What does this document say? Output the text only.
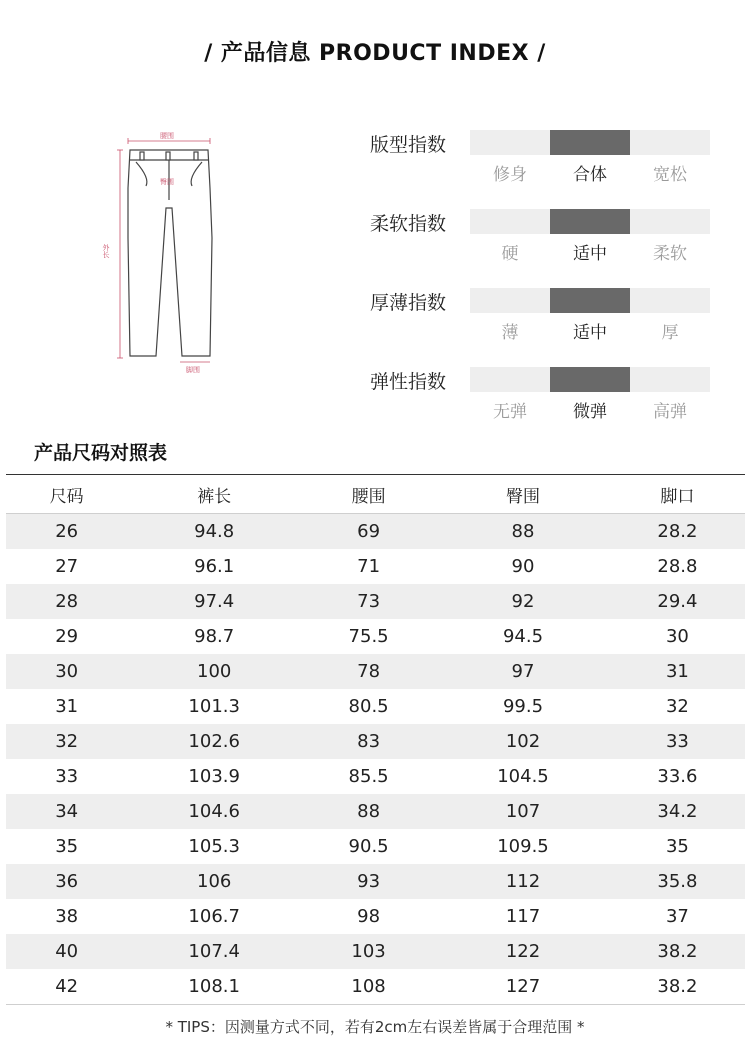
/ 产品信息 PRODUCT INDEX /
腰围
臀围
外长
脚围
版型指数
修身	合体	宽松
柔软指数
硬	适中	柔软
厚薄指数
薄	适中	厚
弹性指数
无弹	微弹	高弹
产品尺码对照表
尺码	裤长	腰围	臀围	脚口
26	94.8	69	88	28.2
27	96.1	71	90	28.8
28	97.4	73	92	29.4
29	98.7	75.5	94.5	30
30	100	78	97	31
31	101.3	80.5	99.5	32
32	102.6	83	102	33
33	103.9	85.5	104.5	33.6
34	104.6	88	107	34.2
35	105.3	90.5	109.5	35
36	106	93	112	35.8
38	106.7	98	117	37
40	107.4	103	122	38.2
42	108.1	108	127	38.2
* TIPS：因测量方式不同，若有2cm左右误差皆属于合理范围 *
